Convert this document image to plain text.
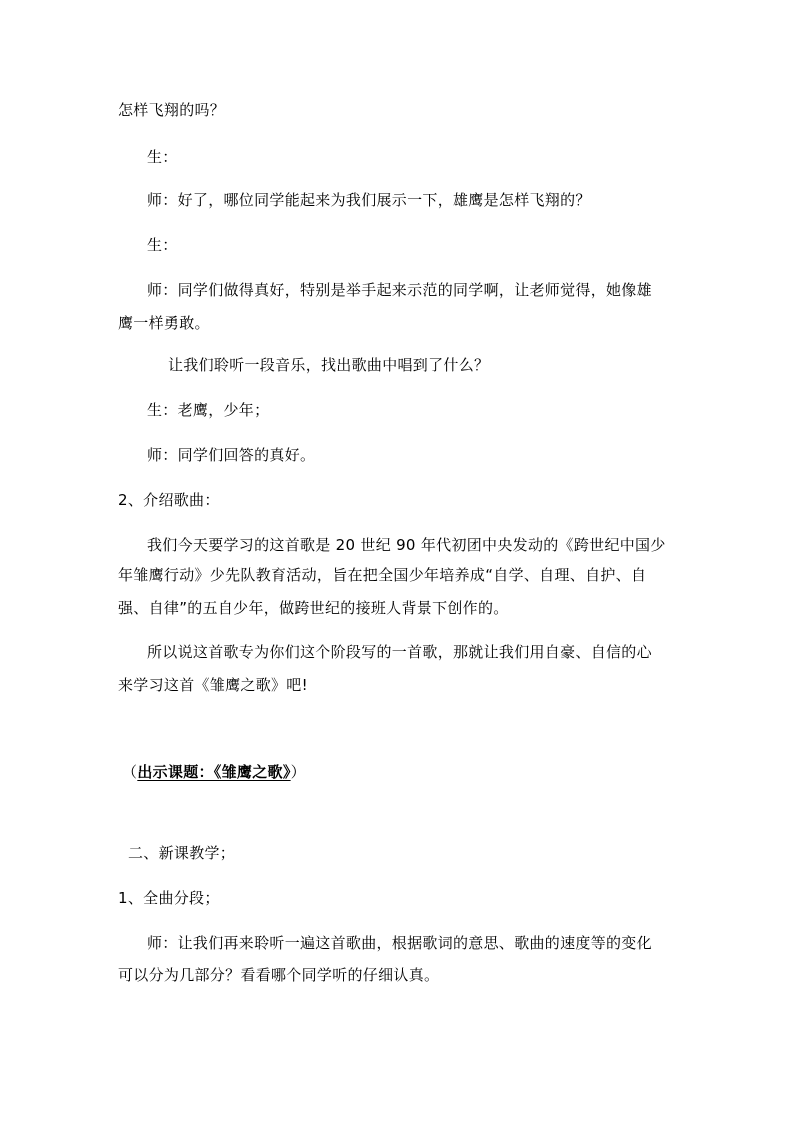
怎样飞翔的吗？
生：
师：好了，哪位同学能起来为我们展示一下，雄鹰是怎样飞翔的？
生：
师：同学们做得真好，特别是举手起来示范的同学啊，让老师觉得，她像雄
鹰一样勇敢。
让我们聆听一段音乐，找出歌曲中唱到了什么？
生：老鹰，少年；
师：同学们回答的真好。
2、介绍歌曲：
我们今天要学习的这首歌是 20 世纪 90 年代初团中央发动的《跨世纪中国少
年雏鹰行动》少先队教育活动，旨在把全国少年培养成“自学、自理、自护、自
强、自律”的五自少年，做跨世纪的接班人背景下创作的。
所以说这首歌专为你们这个阶段写的一首歌，那就让我们用自豪、自信的心
来学习这首《雏鹰之歌》吧!
（出示课题：《雏鹰之歌》）
二、新课教学；
1、全曲分段；
师：让我们再来聆听一遍这首歌曲，根据歌词的意思、歌曲的速度等的变化
可以分为几部分？看看哪个同学听的仔细认真。
